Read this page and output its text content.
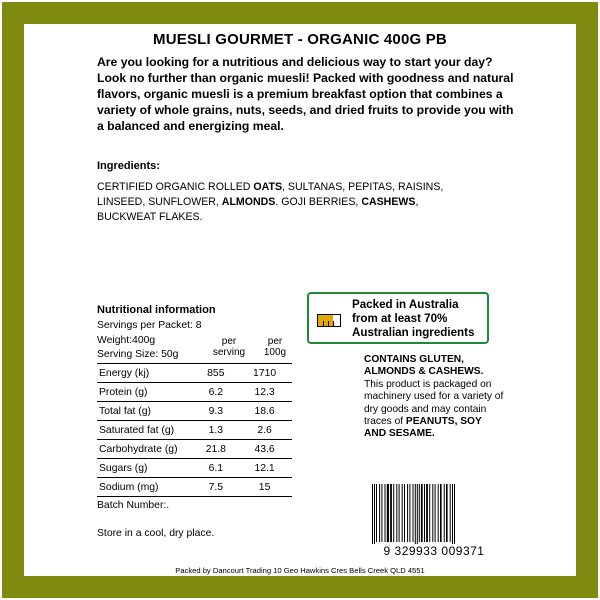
MUESLI GOURMET - ORGANIC 400G PB

Are you looking for a nutritious and delicious way to start your day? Look no further than organic muesli! Packed with goodness and natural flavors, organic muesli is a premium breakfast option that combines a variety of whole grains, nuts, seeds, and dried fruits to provide you with a balanced and energizing meal.

Ingredients:
CERTIFIED ORGANIC ROLLED OATS, SULTANAS, PEPITAS, RAISINS, LINSEED, SUNFLOWER, ALMONDS. GOJI BERRIES, CASHEWS, BUCKWEAT FLAKES.
Nutritional information
Servings per Packet: 8
Weight:400g
Serving Size: 50g
per
serving
per
100g
Energy (kj)	855	1710
Protein (g)	6.2	12.3
Total fat (g)	9.3	18.6
Saturated fat (g)	1.3	2.6
Carbohydrate (g)	21.8	43.6
Sugars (g)	6.1	12.1
Sodium (mg)	7.5	15
Batch Number:.
Store in a cool, dry place.
Packed in Australia
from at least 70%
Australian ingredients
CONTAINS GLUTEN, ALMONDS & CASHEWS. This product is packaged on machinery used for a variety of dry goods and may contain traces of PEANUTS, SOY AND SESAME.
9 329933 009371
Packed by Dancourt Trading 10 Geo Hawkins Cres Bells Creek QLD 4551
